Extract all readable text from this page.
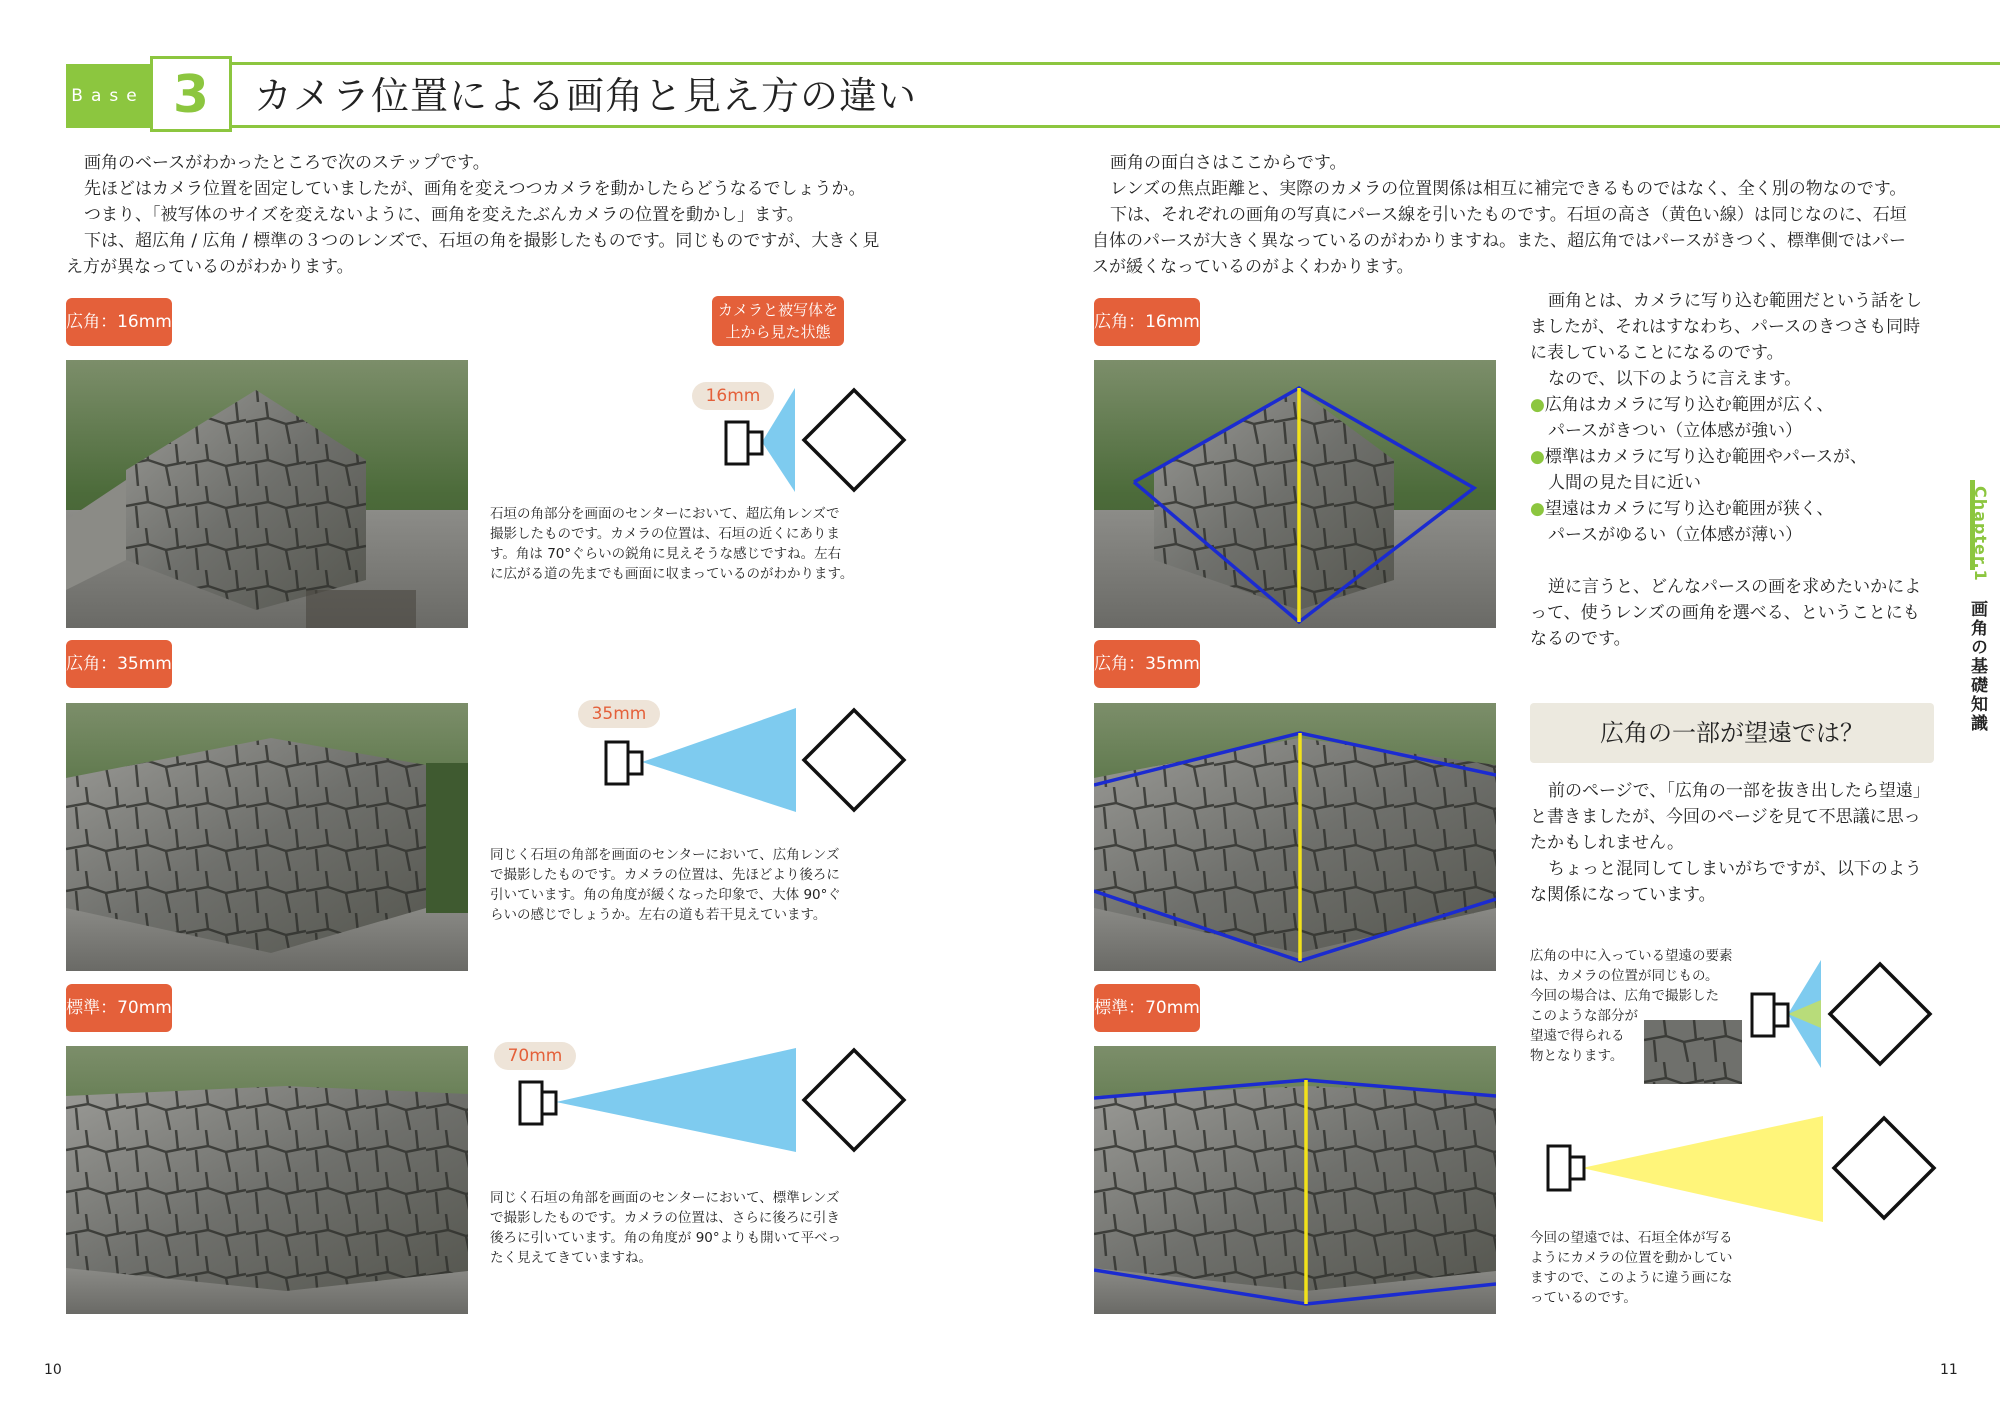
Base 3	カメラ位置による画角と見え方の違い
画角のベースがわかったところで次のステップです。
先ほどはカメラ位置を固定していましたが、画角を変えつつカメラを動かしたらどうなるでしょうか。
つまり、「被写体のサイズを変えないように、画角を変えたぶんカメラの位置を動かし」ます。
下は、超広角 / 広角 / 標準の３つのレンズで、石垣の角を撮影したものです。同じものですが、大きく見
え方が異なっているのがわかります。
カメラと被写体を
上から見た状態
広角：16mm
16mm
石垣の角部分を画面のセンターにおいて、超広角レンズで
撮影したものです。カメラの位置は、石垣の近くにありま
す。角は 70°ぐらいの鋭角に見えそうな感じですね。左右
に広がる道の先までも画面に収まっているのがわかります。
広角：35mm
35mm
同じく石垣の角部を画面のセンターにおいて、広角レンズ
で撮影したものです。カメラの位置は、先ほどより後ろに
引いています。角の角度が緩くなった印象で、大体 90°ぐ
らいの感じでしょうか。左右の道も若干見えています。
標準：70mm
70mm
同じく石垣の角部を画面のセンターにおいて、標準レンズ
で撮影したものです。カメラの位置は、さらに後ろに引き
後ろに引いています。角の角度が 90°よりも開いて平べっ
たく見えてきていますね。
画角の面白さはここからです。
レンズの焦点距離と、実際のカメラの位置関係は相互に補完できるものではなく、全く別の物なのです。
下は、それぞれの画角の写真にパース線を引いたものです。石垣の高さ（黄色い線）は同じなのに、石垣
自体のパースが大きく異なっているのがわかりますね。また、超広角ではパースがきつく、標準側ではパー
スが緩くなっているのがよくわかります。
広角：16mm
広角：35mm
標準：70mm
画角とは、カメラに写り込む範囲だという話をし
ましたが、それはすなわち、パースのきつさも同時
に表していることになるのです。
なので、以下のように言えます。
●広角はカメラに写り込む範囲が広く、
パースがきつい（立体感が強い）
●標準はカメラに写り込む範囲やパースが、
人間の見た目に近い
●望遠はカメラに写り込む範囲が狭く、
パースがゆるい（立体感が薄い）
逆に言うと、どんなパースの画を求めたいかによ
って、使うレンズの画角を選べる、ということにも
なるのです。
広角の一部が望遠では？
前のページで、「広角の一部を抜き出したら望遠」
と書きましたが、今回のページを見て不思議に思っ
たかもしれません。
ちょっと混同してしまいがちですが、以下のよう
な関係になっています。
広角の中に入っている望遠の要素
は、カメラの位置が同じもの。
今回の場合は、広角で撮影した
このような部分が
望遠で得られる
物となります。
今回の望遠では、石垣全体が写る
ようにカメラの位置を動かしてい
ますので、このように違う画にな
っているのです。
Chapter.1
画角の基礎知識
10	11
